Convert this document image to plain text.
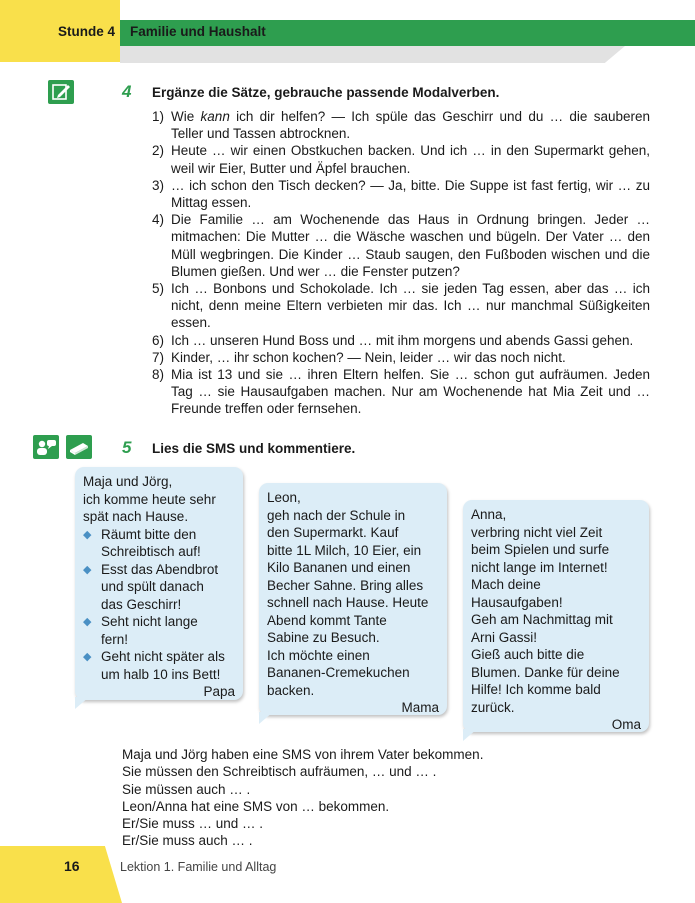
Stunde 4 Familie und Haushalt
4 Ergänze die Sätze, gebrauche passende Modalverben.
1) Wie kann ich dir helfen? — Ich spüle das Geschirr und du … die sauberen Teller und Tassen abtrocknen.
2) Heute … wir einen Obstkuchen backen. Und ich … in den Supermarkt gehen, weil wir Eier, Butter und Äpfel brauchen.
3) … ich schon den Tisch decken? — Ja, bitte. Die Suppe ist fast fertig, wir … zu Mittag essen.
4) Die Familie … am Wochenende das Haus in Ordnung bringen. Jeder … mitmachen: Die Mutter … die Wäsche waschen und bügeln. Der Vater … den Müll wegbringen. Die Kinder … Staub saugen, den Fußboden wischen und die Blumen gießen. Und wer … die Fenster putzen?
5) Ich … Bonbons und Schokolade. Ich … sie jeden Tag essen, aber das … ich nicht, denn meine Eltern verbieten mir das. Ich … nur manchmal Süßigkeiten essen.
6) Ich … unseren Hund Boss und … mit ihm morgens und abends Gassi gehen.
7) Kinder, … ihr schon kochen? — Nein, leider … wir das noch nicht.
8) Mia ist 13 und sie … ihren Eltern helfen. Sie … schon gut aufräumen. Jeden Tag … sie Hausaufgaben machen. Nur am Wochenende hat Mia Zeit und … Freunde treffen oder fernsehen.
5 Lies die SMS und kommentiere.
Maja und Jörg,
ich komme heute sehr
spät nach Hause.
◆ Räumt bitte den
Schreibtisch auf!
◆ Esst das Abendbrot
und spült danach
das Geschirr!
◆ Seht nicht lange
fern!
◆ Geht nicht später als
um halb 10 ins Bett!
Papa
Leon,
geh nach der Schule in
den Supermarkt. Kauf
bitte 1L Milch, 10 Eier, ein
Kilo Bananen und einen
Becher Sahne. Bring alles
schnell nach Hause. Heute
Abend kommt Tante
Sabine zu Besuch.
Ich möchte einen
Bananen-Cremekuchen
backen.
Mama
Anna,
verbring nicht viel Zeit
beim Spielen und surfe
nicht lange im Internet!
Mach deine
Hausaufgaben!
Geh am Nachmittag mit
Arni Gassi!
Gieß auch bitte die
Blumen. Danke für deine
Hilfe! Ich komme bald
zurück.
Oma
Maja und Jörg haben eine SMS von ihrem Vater bekommen.
Sie müssen den Schreibtisch aufräumen, … und … .
Sie müssen auch … .
Leon/Anna hat eine SMS von … bekommen.
Er/Sie muss … und … .
Er/Sie muss auch … .
16	Lektion 1. Familie und Alltag
